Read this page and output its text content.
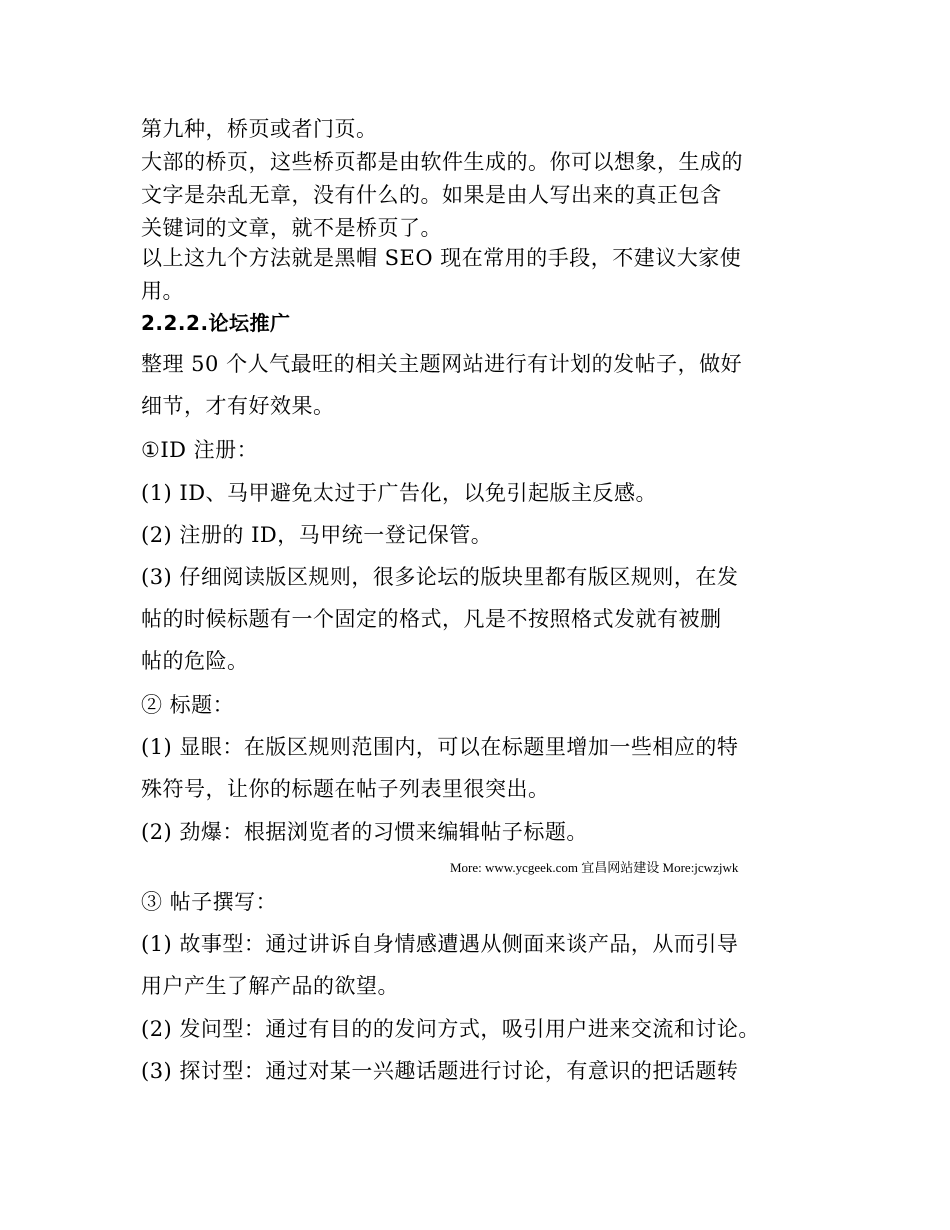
第九种，桥页或者门页。

大部的桥页，这些桥页都是由软件生成的。你可以想象，生成的
文字是杂乱无章，没有什么的。如果是由人写出来的真正包含
关键词的文章，就不是桥页了。

以上这九个方法就是黑帽 SEO 现在常用的手段，不建议大家使
用。

2.2.2.论坛推广

整理 50 个人气最旺的相关主题网站进行有计划的发帖子，做好
细节，才有好效果。

①ID 注册：

(1) ID、马甲避免太过于广告化，以免引起版主反感。

(2) 注册的 ID，马甲统一登记保管。

(3) 仔细阅读版区规则，很多论坛的版块里都有版区规则，在发
帖的时候标题有一个固定的格式，凡是不按照格式发就有被删
帖的危险。

② 标题：

(1) 显眼：在版区规则范围内，可以在标题里增加一些相应的特
殊符号，让你的标题在帖子列表里很突出。

(2) 劲爆：根据浏览者的习惯来编辑帖子标题。

More: www.ycgeek.com 宜昌网站建设 More:jcwzjwk

③ 帖子撰写：

(1) 故事型：通过讲诉自身情感遭遇从侧面来谈产品，从而引导
用户产生了解产品的欲望。

(2) 发问型：通过有目的的发问方式，吸引用户进来交流和讨论。

(3) 探讨型：通过对某一兴趣话题进行讨论，有意识的把话题转
